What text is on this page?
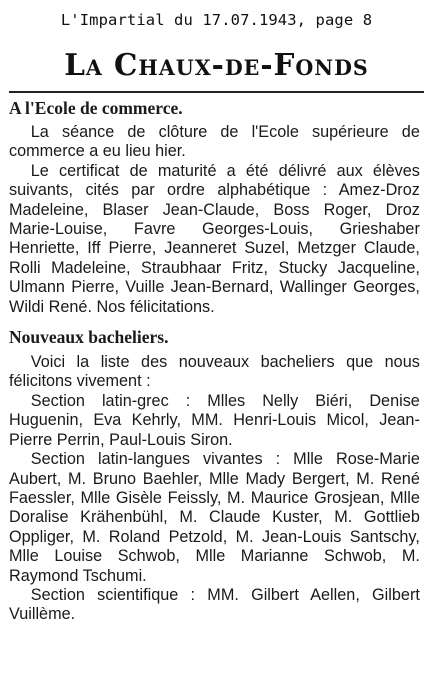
L'Impartial du 17.07.1943, page 8
La Chaux-de-Fonds
A l'Ecole de commerce.

La séance de clôture de l'Ecole supérieure de commerce a eu lieu hier.

Le certificat de maturité a été délivré aux élèves suivants, cités par ordre alphabétique : Amez-Droz Madeleine, Blaser Jean-Claude, Boss Roger, Droz Marie-Louise, Favre Georges-Louis, Grieshaber Henriette, Iff Pierre, Jeanneret Suzel, Metzger Claude, Rolli Madeleine, Straubhaar Fritz, Stucky Jacqueline, Ulmann Pierre, Vuille Jean-Bernard, Wallinger Georges, Wildi René. Nos félicitations.

Nouveaux bacheliers.

Voici la liste des nouveaux bacheliers que nous félicitons vivement :

Section latin-grec : Mlles Nelly Biéri, Denise Huguenin, Eva Kehrly, MM. Henri-Louis Micol, Jean-Pierre Perrin, Paul-Louis Siron.

Section latin-langues vivantes : Mlle Rose-Marie Aubert, M. Bruno Baehler, Mlle Mady Bergert, M. René Faessler, Mlle Gisèle Feissly, M. Maurice Grosjean, Mlle Doralise Krähenbühl, M. Claude Kuster, M. Gottlieb Oppliger, M. Roland Petzold, M. Jean-Louis Santschy, Mlle Louise Schwob, Mlle Marianne Schwob, M. Raymond Tschumi.

Section scientifique : MM. Gilbert Aellen, Gilbert Vuillème.
